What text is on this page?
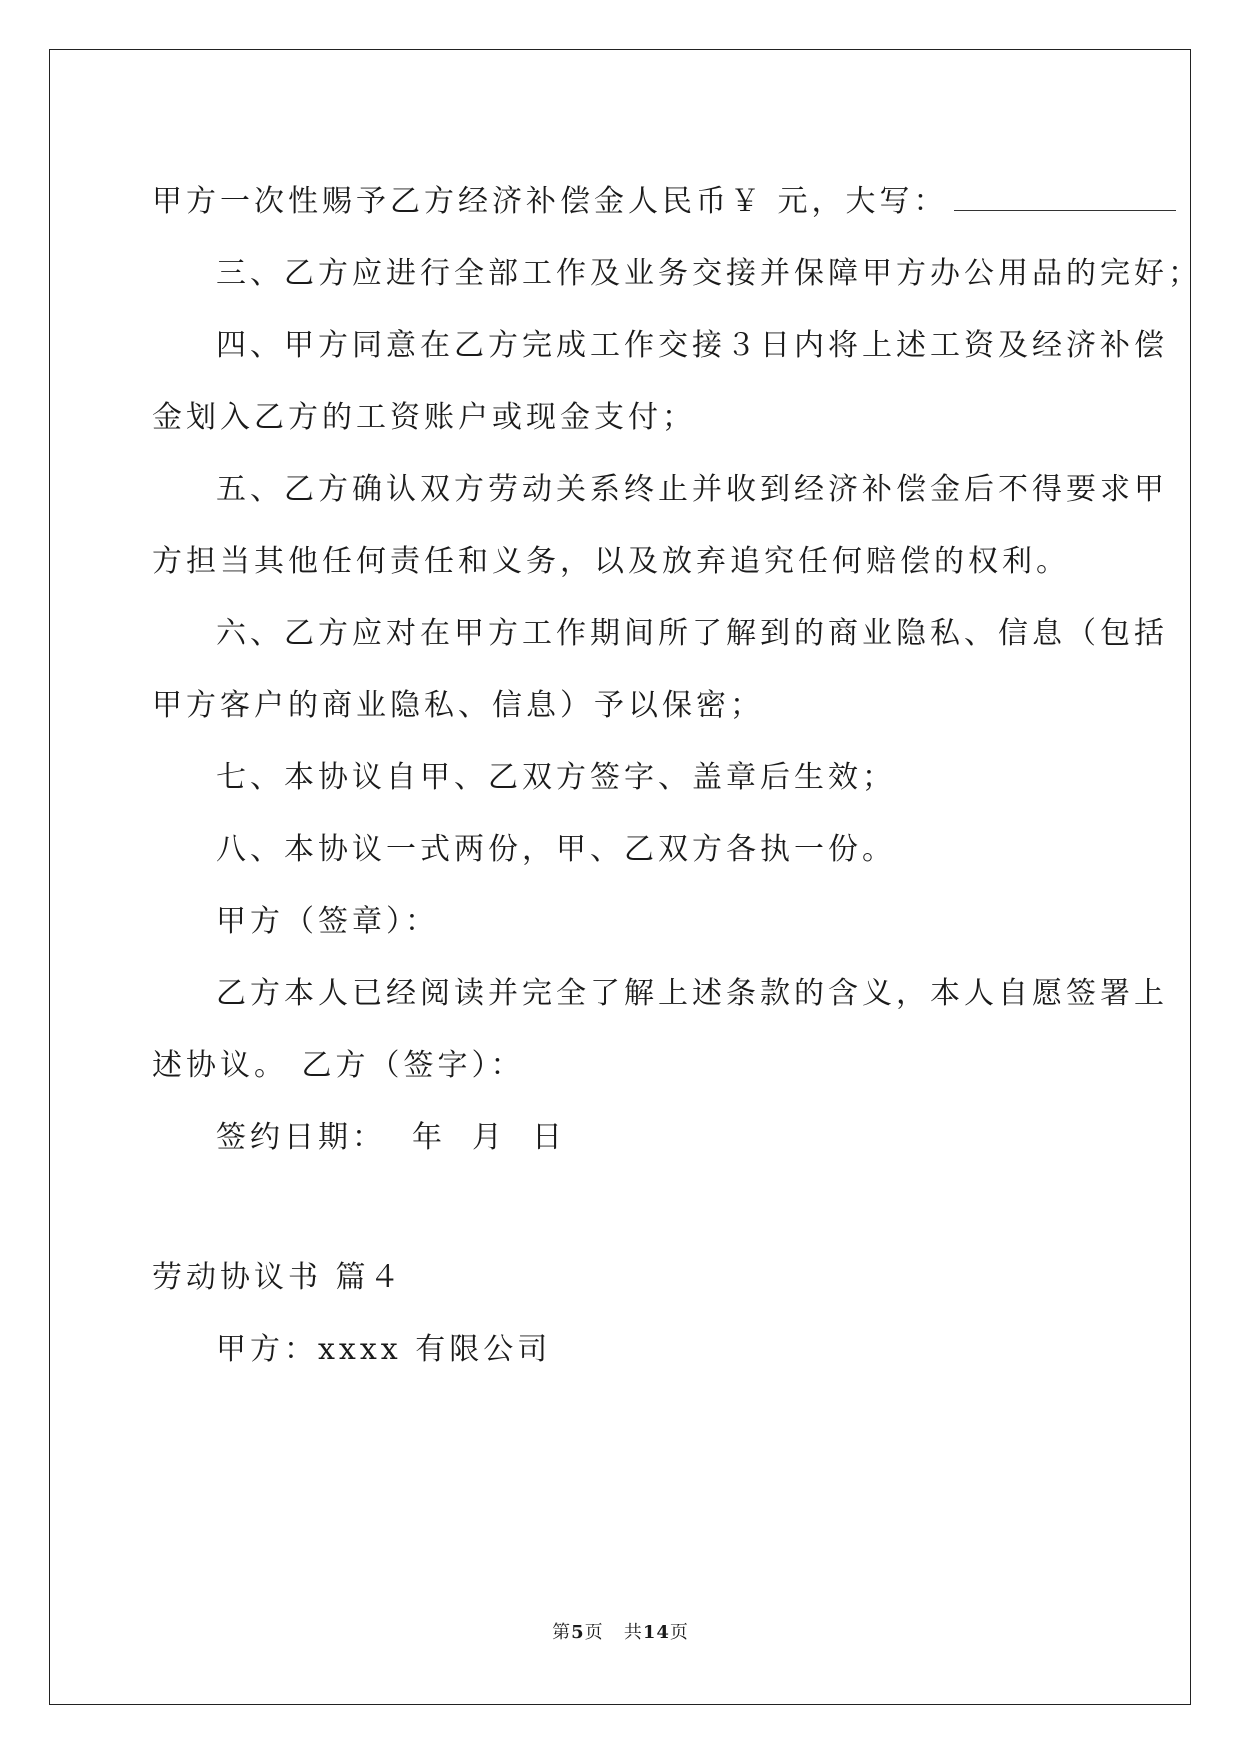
甲方一次性赐予乙方经济补偿金人民币￥ 元，大写：

三、乙方应进行全部工作及业务交接并保障甲方办公用品的完好；

四、甲方同意在乙方完成工作交接３日内将上述工资及经济补偿

金划入乙方的工资账户或现金支付；

五、乙方确认双方劳动关系终止并收到经济补偿金后不得要求甲

方担当其他任何责任和义务，以及放弃追究任何赔偿的权利。

六、乙方应对在甲方工作期间所了解到的商业隐私、信息（包括

甲方客户的商业隐私、信息）予以保密；

七、本协议自甲、乙双方签字、盖章后生效；

八、本协议一式两份，甲、乙双方各执一份。

甲方（签章）：

乙方本人已经阅读并完全了解上述条款的含义，本人自愿签署上

述协议。 乙方（签字）：

签约日期： 年 月 日

劳动协议书 篇４

甲方：xxxx 有限公司

第5页 共14页
